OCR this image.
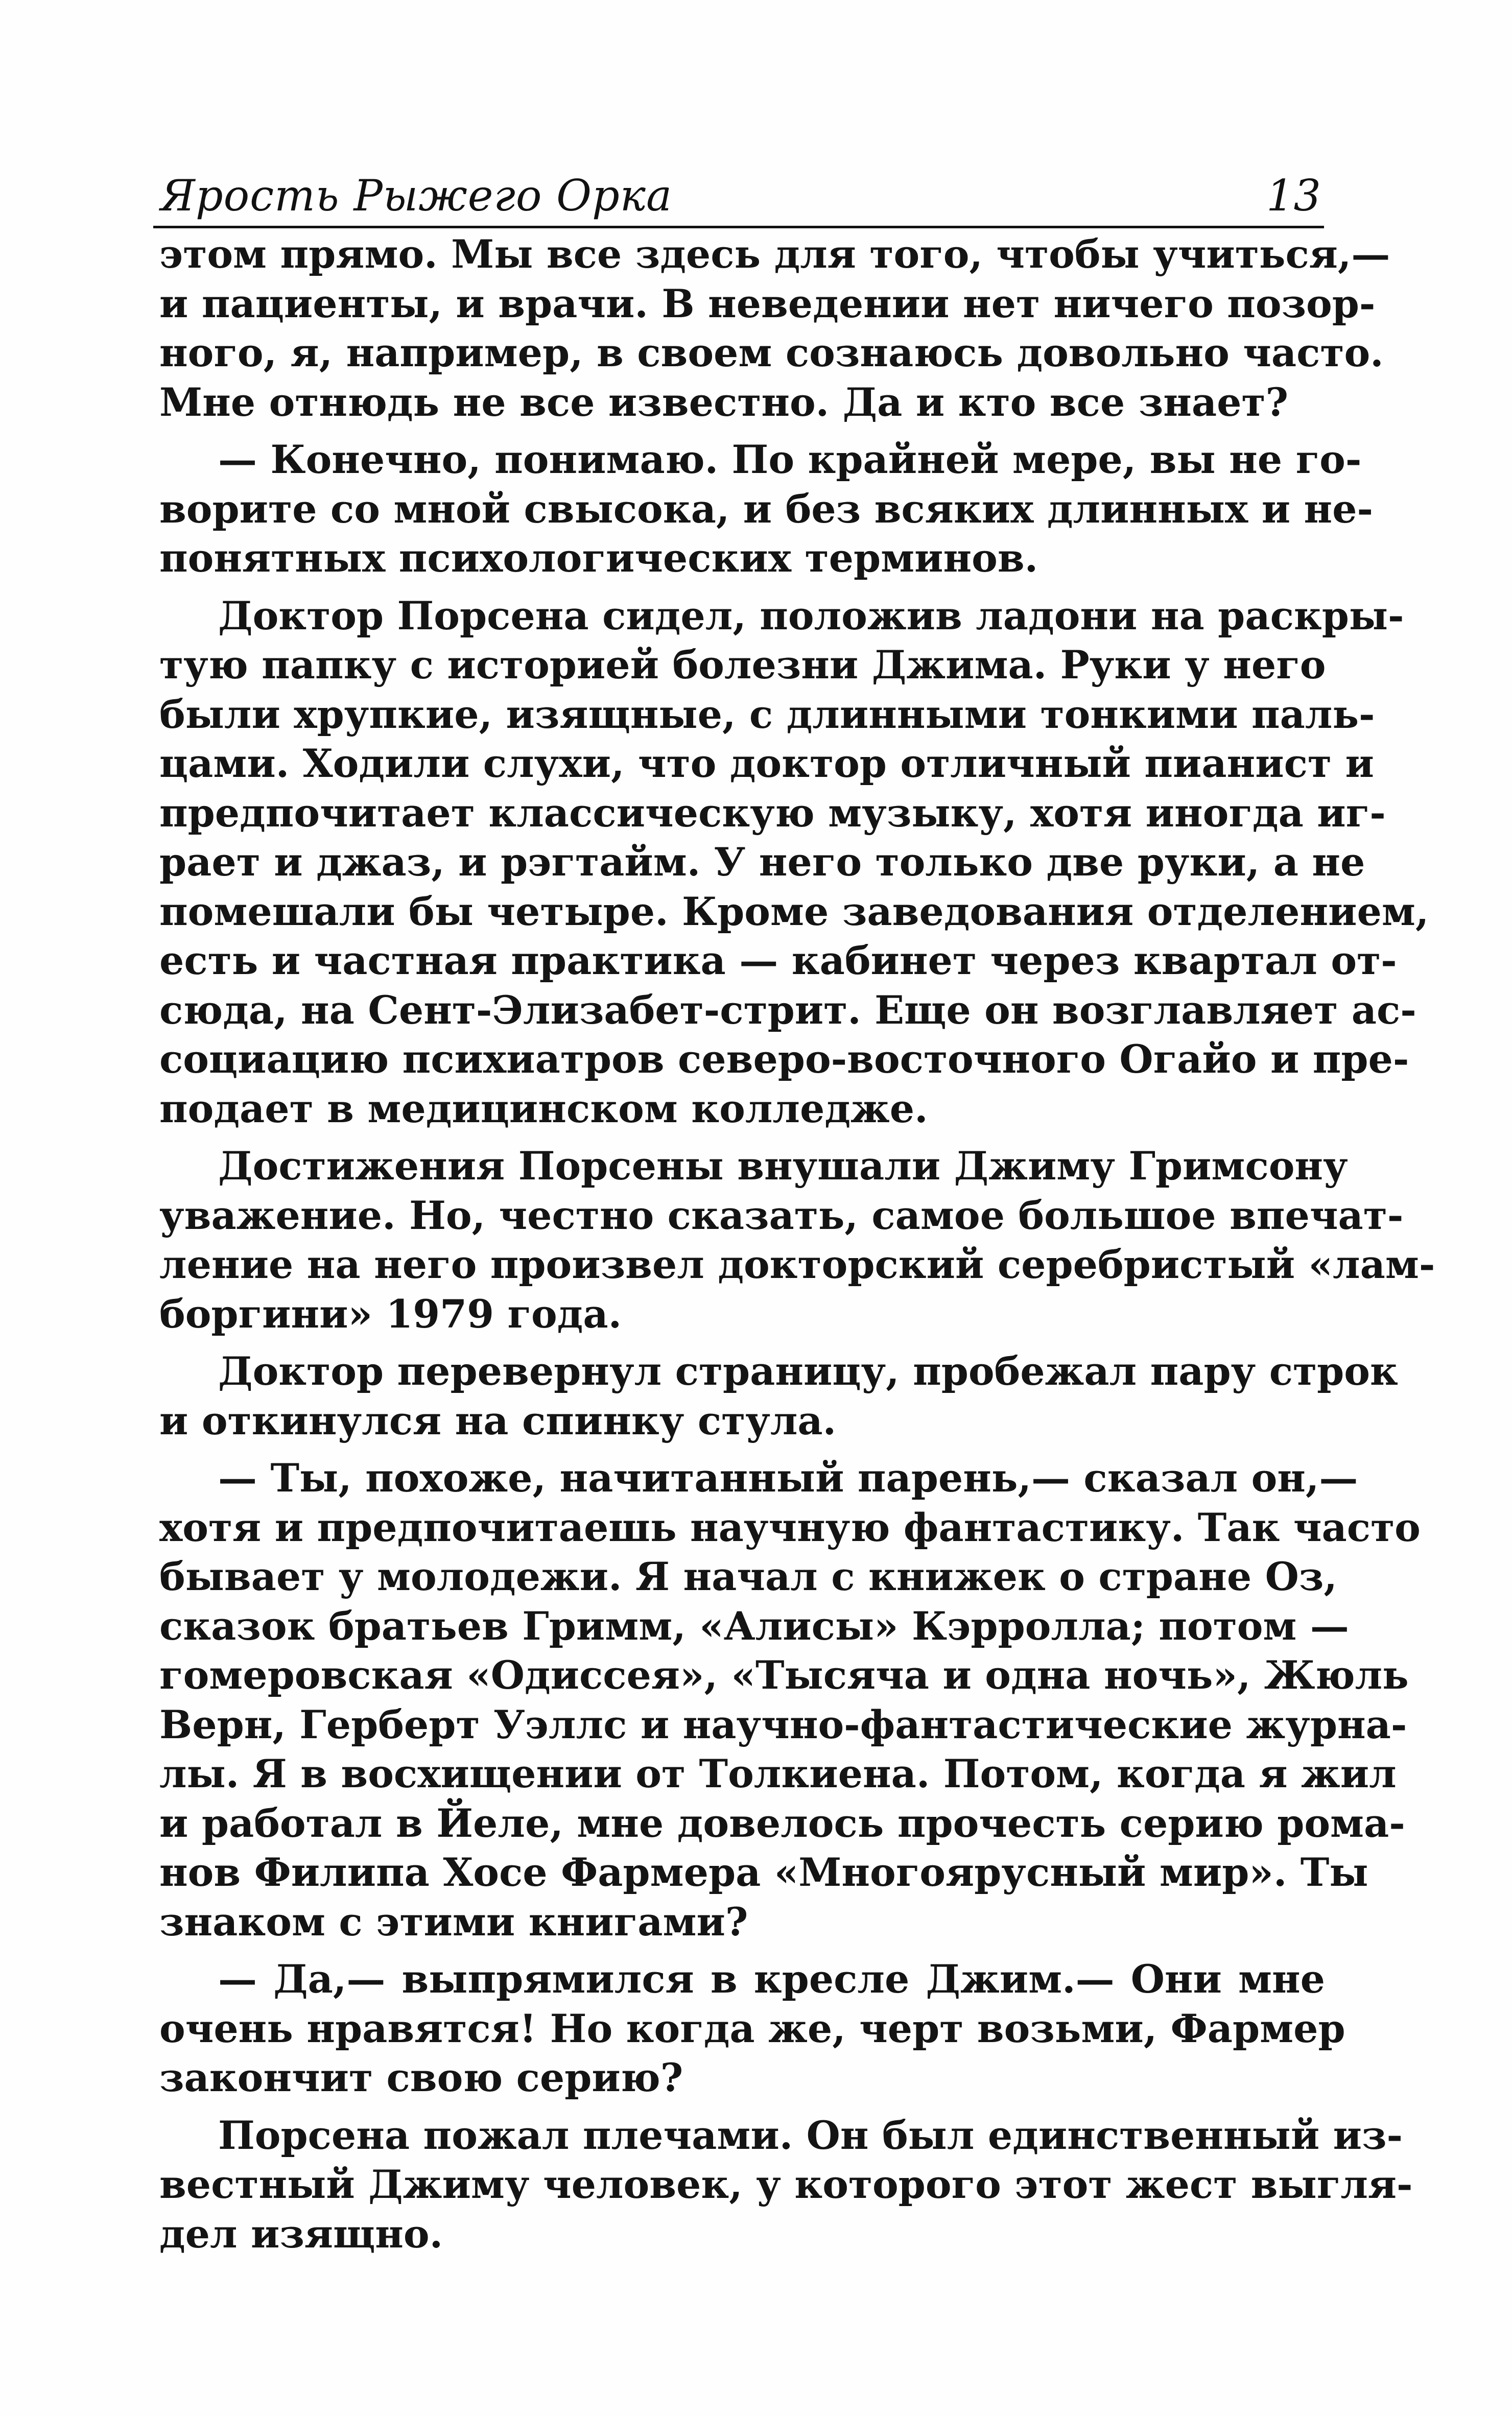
Ярость Рыжего Орка	13
этом прямо. Мы все здесь для того, чтобы учиться,—
и пациенты, и врачи. В неведении нет ничего позор-
ного, я, например, в своем сознаюсь довольно часто.
Мне отнюдь не все известно. Да и кто все знает?
— Конечно, понимаю. По крайней мере, вы не го-
ворите со мной свысока, и без всяких длинных и не-
понятных психологических терминов.
Доктор Порсена сидел, положив ладони на раскры-
тую папку с историей болезни Джима. Руки у него
были хрупкие, изящные, с длинными тонкими паль-
цами. Ходили слухи, что доктор отличный пианист и
предпочитает классическую музыку, хотя иногда иг-
рает и джаз, и рэгтайм. У него только две руки, а не
помешали бы четыре. Кроме заведования отделением,
есть и частная практика — кабинет через квартал от-
сюда, на Сент-Элизабет-стрит. Еще он возглавляет ас-
социацию психиатров северо-восточного Огайо и пре-
подает в медицинском колледже.
Достижения Порсены внушали Джиму Гримсону
уважение. Но, честно сказать, самое большое впечат-
ление на него произвел докторский серебристый «лам-
боргини» 1979 года.
Доктор перевернул страницу, пробежал пару строк
и откинулся на спинку стула.
— Ты, похоже, начитанный парень,— сказал он,—
хотя и предпочитаешь научную фантастику. Так часто
бывает у молодежи. Я начал с книжек о стране Оз,
сказок братьев Гримм, «Алисы» Кэрролла; потом —
гомеровская «Одиссея», «Тысяча и одна ночь», Жюль
Верн, Герберт Уэллс и научно-фантастические журна-
лы. Я в восхищении от Толкиена. Потом, когда я жил
и работал в Йеле, мне довелось прочесть серию рома-
нов Филипа Хосе Фармера «Многоярусный мир». Ты
знаком с этими книгами?
— Да,— выпрямился в кресле Джим.— Они мне
очень нравятся! Но когда же, черт возьми, Фармер
закончит свою серию?
Порсена пожал плечами. Он был единственный из-
вестный Джиму человек, у которого этот жест выгля-
дел изящно.
